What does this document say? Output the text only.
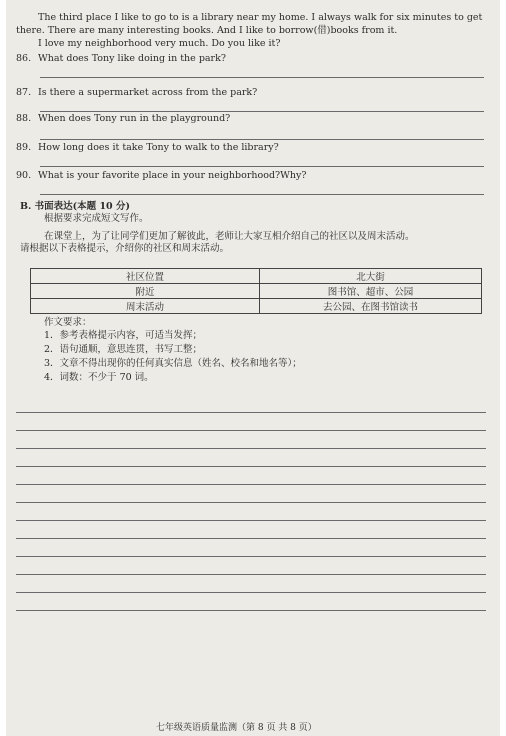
The third place I like to go to is a library near my home. I always walk for six minutes to get
there. There are many interesting books. And I like to borrow(借)books from it.
I love my neighborhood very much. Do you like it?
86. What does Tony like doing in the park?
87. Is there a supermarket across from the park?
88. When does Tony run in the playground?
89. How long does it take Tony to walk to the library?
90. What is your favorite place in your neighborhood?Why?
B. 书面表达(本题 10 分)
根据要求完成短文写作。
在课堂上，为了让同学们更加了解彼此，老师让大家互相介绍自己的社区以及周末活动。
请根据以下表格提示，介绍你的社区和周末活动。
社区位置	北大街
附近	图书馆、超市、公园
周末活动	去公园、在图书馆读书
作文要求：
1．参考表格提示内容，可适当发挥；
2．语句通顺，意思连贯，书写工整；
3．文章不得出现你的任何真实信息（姓名、校名和地名等）；
4．词数：不少于 70 词。
七年级英语质量监测（第 8 页 共 8 页）
